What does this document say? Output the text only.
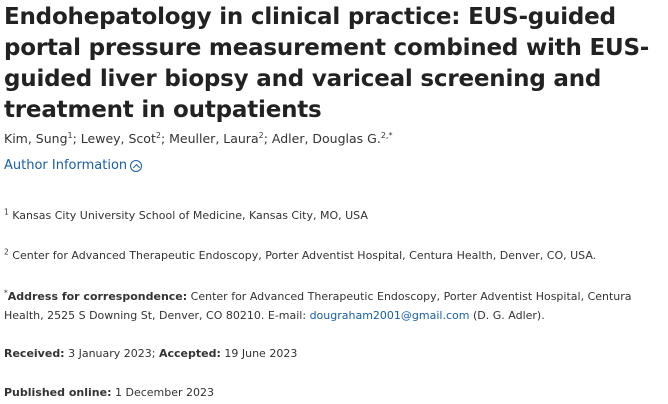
Endohepatology in clinical practice: EUS-guided portal pressure measurement combined with EUS-guided liver biopsy and variceal screening and treatment in outpatients
Kim, Sung$^1$; Lewey, Scot$^2$; Meuller, Laura$^2$; Adler, Douglas G.$^{2,*}$
Author Information
$^1$ Kansas City University School of Medicine, Kansas City, MO, USA
$^2$ Center for Advanced Therapeutic Endoscopy, Porter Adventist Hospital, Centura Health, Denver, CO, USA.
*Address for correspondence: Center for Advanced Therapeutic Endoscopy, Porter Adventist Hospital, Centura Health, 2525 S Downing St, Denver, CO 80210. E-mail: dougraham2001@gmail.com (D. G. Adler).
Received: 3 January 2023; Accepted: 19 June 2023
Published online: 1 December 2023
